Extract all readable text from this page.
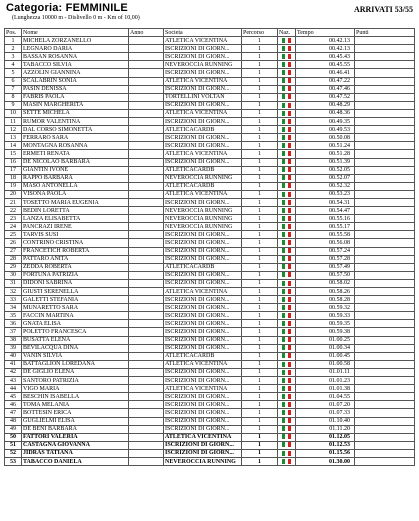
Categoria: FEMMINILE
(Lunghezza 10000 m - Dislivello 0 m - Km of 10,00)
ARRIVATI 53/55
Pos.	Nome	Anno	Societa	Percorso	Naz.	Tempo	Punti
1	MICHELA ZORZANELLO		ATLETICA VICENTINA	1		00.42.13	
2	LEGNARO DARIA		ISCRIZIONI DI GIORN...	1		00.42.13	
3	BASSAN ROSANNA		ISCRIZIONI DI GIORN...	1		00.45.43	
4	TABACCO SILVIA		NEVEROCCIA RUNNING	1		00.45.55	
5	AZZOLIN GIANNINA		ISCRIZIONI DI GIORN...	1		00.46.41	
6	SCALABRIN SONIA		ATLETICA VICENTINA	1		00.47.22	
7	PASIN DENISSA		ISCRIZIONI DI GIORN...	1		00.47.46	
8	FABRIS PAOLA		TORTELLINI VOLTAN	1		00.47.52	
9	MASIN MARGHERITA		ISCRIZIONI DI GIORN...	1		00.48.29	
10	SETTE MICHELA		ATLETICA VICENTINA	1		00.48.36	
11	RUMOR VALENTINA		ISCRIZIONI DI GIORN...	1		00.49.35	
12	DAL CORSO SIMONETTA		ATLETICACARDB	1		00.49.53	
13	FERRARO SARA		ISCRIZIONI DI GIORN...	1		00.50.08	
14	MONTAGNA ROSANNA		ISCRIZIONI DI GIORN...	1		00.51.24	
15	ERMETI RENATA		ATLETICA VICENTINA	1		00.51.28	
16	DE NICOLAO BARBARA		ISCRIZIONI DI GIORN...	1		00.51.39	
17	GIANTIN IVONE		ATLETICACARDB	1		00.52.05	
18	RAPPO BARBARA		NEVEROCCIA RUNNING	1		00.52.07	
19	MASO ANTONELLA		ATLETICACARDB	1		00.52.32	
20	VISONA PAOLA		ATLETICA VICENTINA	1		00.53.23	
21	TOSETTO MARIA EUGENIA		ISCRIZIONI DI GIORN...	1		00.54.31	
22	BEDIN LORETTA		NEVEROCCIA RUNNING	1		00.54.47	
23	LANZA ELISABETTA		NEVEROCCIA RUNNING	1		00.55.16	
24	PANCRAZI IRENE		NEVEROCCIA RUNNING	1		00.55.17	
25	TARVIS SUSI		ISCRIZIONI DI GIORN...	1		00.55.58	
26	CONTRINO CRISTINA		ISCRIZIONI DI GIORN...	1		00.56.08	
27	FRANCETICH ROBERTA		ISCRIZIONI DI GIORN...	1		00.57.24	
28	PATTARO ANITA		ISCRIZIONI DI GIORN...	1		00.57.28	
29	ZEDDA ROBERTA		ATLETICACARDB	1		00.57.49	
30	FORTUNA PATRIZIA		ISCRIZIONI DI GIORN...	1		00.57.50	
31	DIDONI SABRINA		ISCRIZIONI DI GIORN...	1		00.58.02	
32	GIUSTI SERENELLA		ATLETICA VICENTINA	1		00.58.26	
33	GALETTI STEFANIA		ISCRIZIONI DI GIORN...	1		00.58.28	
34	MUNARETTO SARA		ISCRIZIONI DI GIORN...	1		00.59.32	
35	FACCIN MARTINA		ISCRIZIONI DI GIORN...	1		00.59.33	
36	GNATA ELISA		ISCRIZIONI DI GIORN...	1		00.59.35	
37	POLETTO FRANCESCA		ISCRIZIONI DI GIORN...	1		00.59.38	
38	BUSATTA ELENA		ISCRIZIONI DI GIORN...	1		01.00.25	
39	BEVILACQUA DINA		ISCRIZIONI DI GIORN...	1		01.00.34	
40	VANIN SILVIA		ATLETICACARDB	1		01.00.45	
41	BATTAGLION LOREDANA		ATLETICA VICENTINA	1		01.00.58	
42	DE GIGLIO ELENA		ISCRIZIONI DI GIORN...	1		01.01.11	
43	SANTORO PATRIZIA		ISCRIZIONI DI GIORN...	1		01.01.23	
44	VIGO MARIA		ATLETICA VICENTINA	1		01.01.38	
45	BESCHIN ISABELLA		ISCRIZIONI DI GIORN...	1		01.04.55	
46	TOMA MELANIA		ISCRIZIONI DI GIORN...	1		01.07.20	
47	BOTTESIN ERICA		ISCRIZIONI DI GIORN...	1		01.07.33	
48	GUGLIELMI ELISA		ISCRIZIONI DI GIORN...	1		01.10.40	
49	DE BENI BARBARA		ISCRIZIONI DI GIORN...	1		01.11.20	
50	FATTORI VALERIA		ATLETICA VICENTINA	1		01.12.05	
51	CASTAGNA GIOVANNA		ISCRIZIONI DI GIORN...	1		01.12.53	
52	JIDRAS TATIANA		ISCRIZIONI DI GIORN...	1		01.15.56	
53	TABACCO DANIELA		NEVEROCCIA RUNNING	1		01.30.00	
